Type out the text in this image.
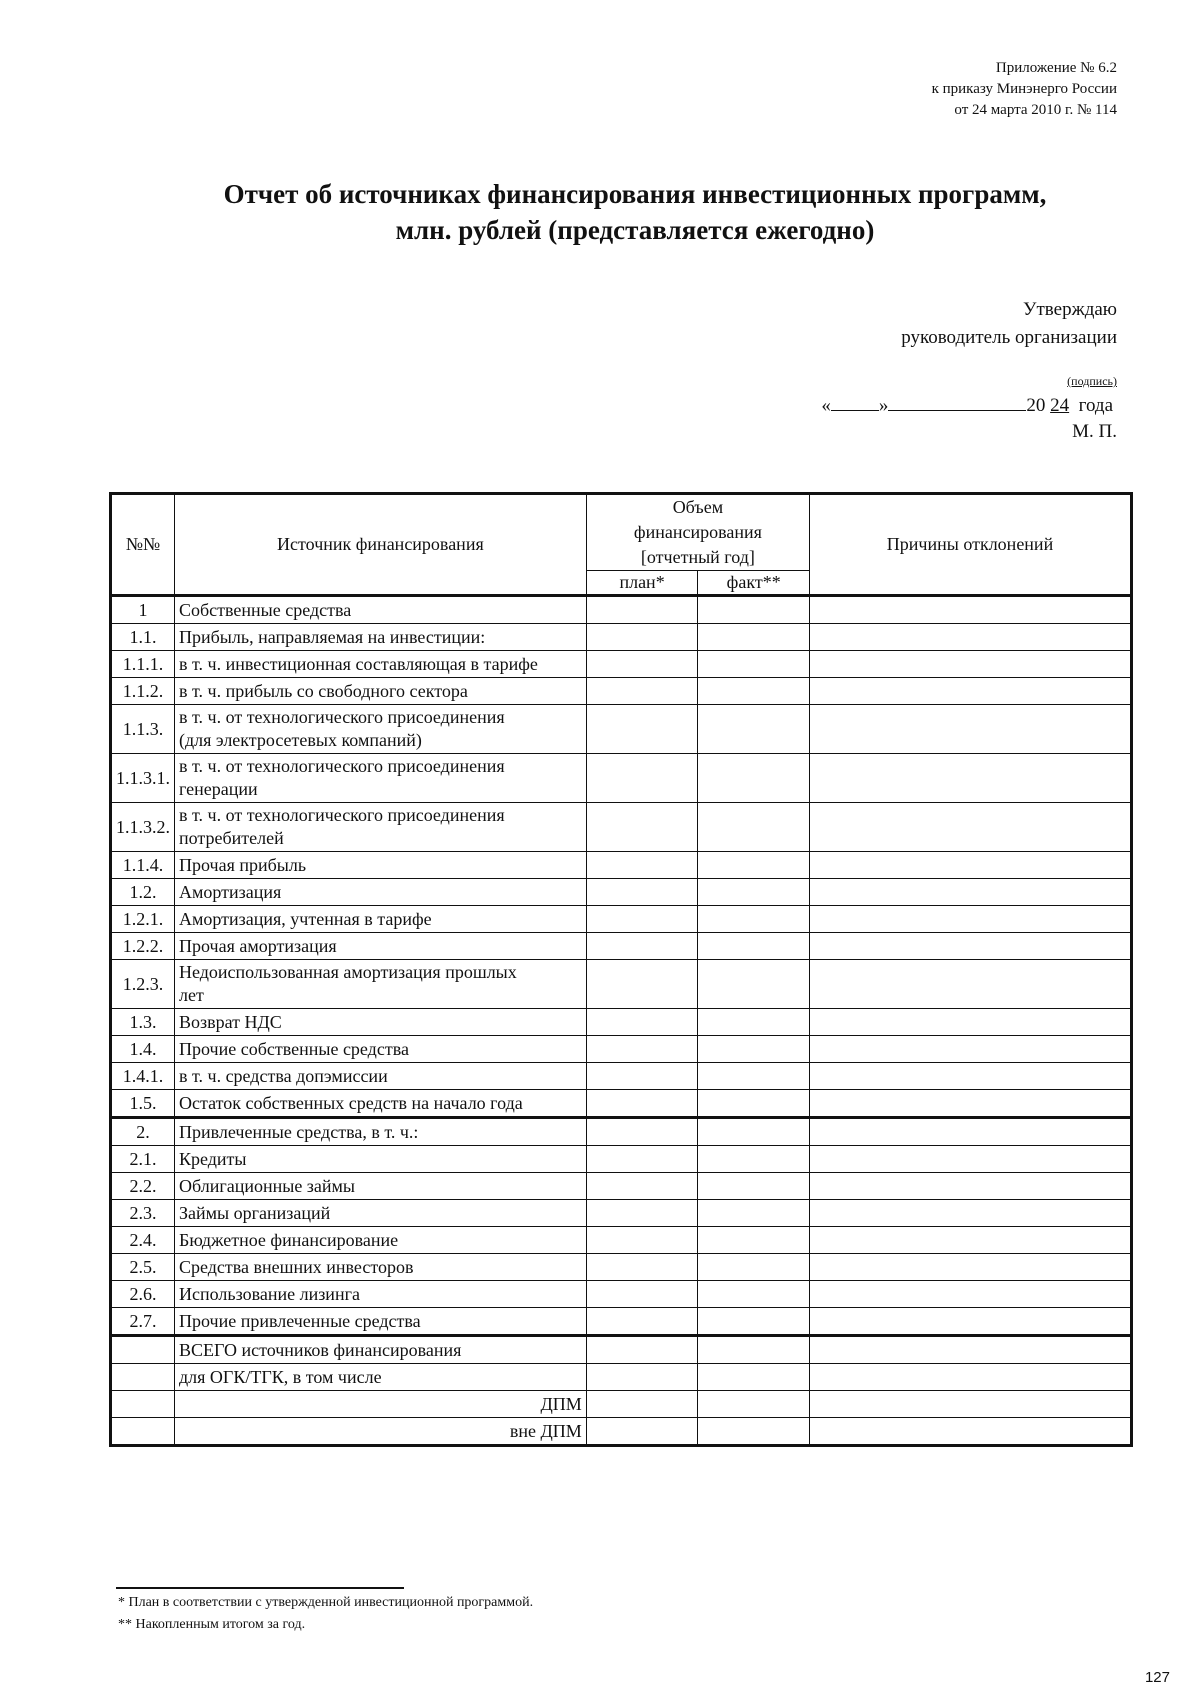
Приложение № 6.2
к приказу Минэнерго России
от 24 марта 2010 г. № 114
Отчет об источниках финансирования инвестиционных программ,
млн. рублей (представляется ежегодно)
Утверждаю
руководитель организации
(подпись)
«	»	20 24 года
М. П.
№№	Источник финансирования	Объем
финансирования
[отчетный год]		Причины отклонений
		план*	факт**	
1	Собственные средства			

1.1.	Прибыль, направляемая на инвестиции:			

1.1.1.	в т. ч. инвестиционная составляющая в тарифе			

1.1.2.	в т. ч. прибыль со свободного сектора			

1.1.3.	в т. ч. от технологического присоединения
(для электросетевых компаний)			

1.1.3.1.	в т. ч. от технологического присоединения
генерации			

1.1.3.2.	в т. ч. от технологического присоединения
потребителей			

1.1.4.	Прочая прибыль			

1.2.	Амортизация			

1.2.1.	Амортизация, учтенная в тарифе			

1.2.2.	Прочая амортизация			

1.2.3.	Недоиспользованная амортизация прошлых
лет			

1.3.	Возврат НДС			

1.4.	Прочие собственные средства			

1.4.1.	в т. ч. средства допэмиссии			

1.5.	Остаток собственных средств на начало года			

2.	Привлеченные средства, в т. ч.:			

2.1.	Кредиты			

2.2.	Облигационные займы			

2.3.	Займы организаций			

2.4.	Бюджетное финансирование			

2.5.	Средства внешних инвесторов			

2.6.	Использование лизинга			

2.7.	Прочие привлеченные средства			

	ВСЕГО источников финансирования			

	для ОГК/ТГК, в том числе			

	ДПМ			

	вне ДПМ			

* План в соответствии с утвержденной инвестиционной программой.
** Накопленным итогом за год.
127
